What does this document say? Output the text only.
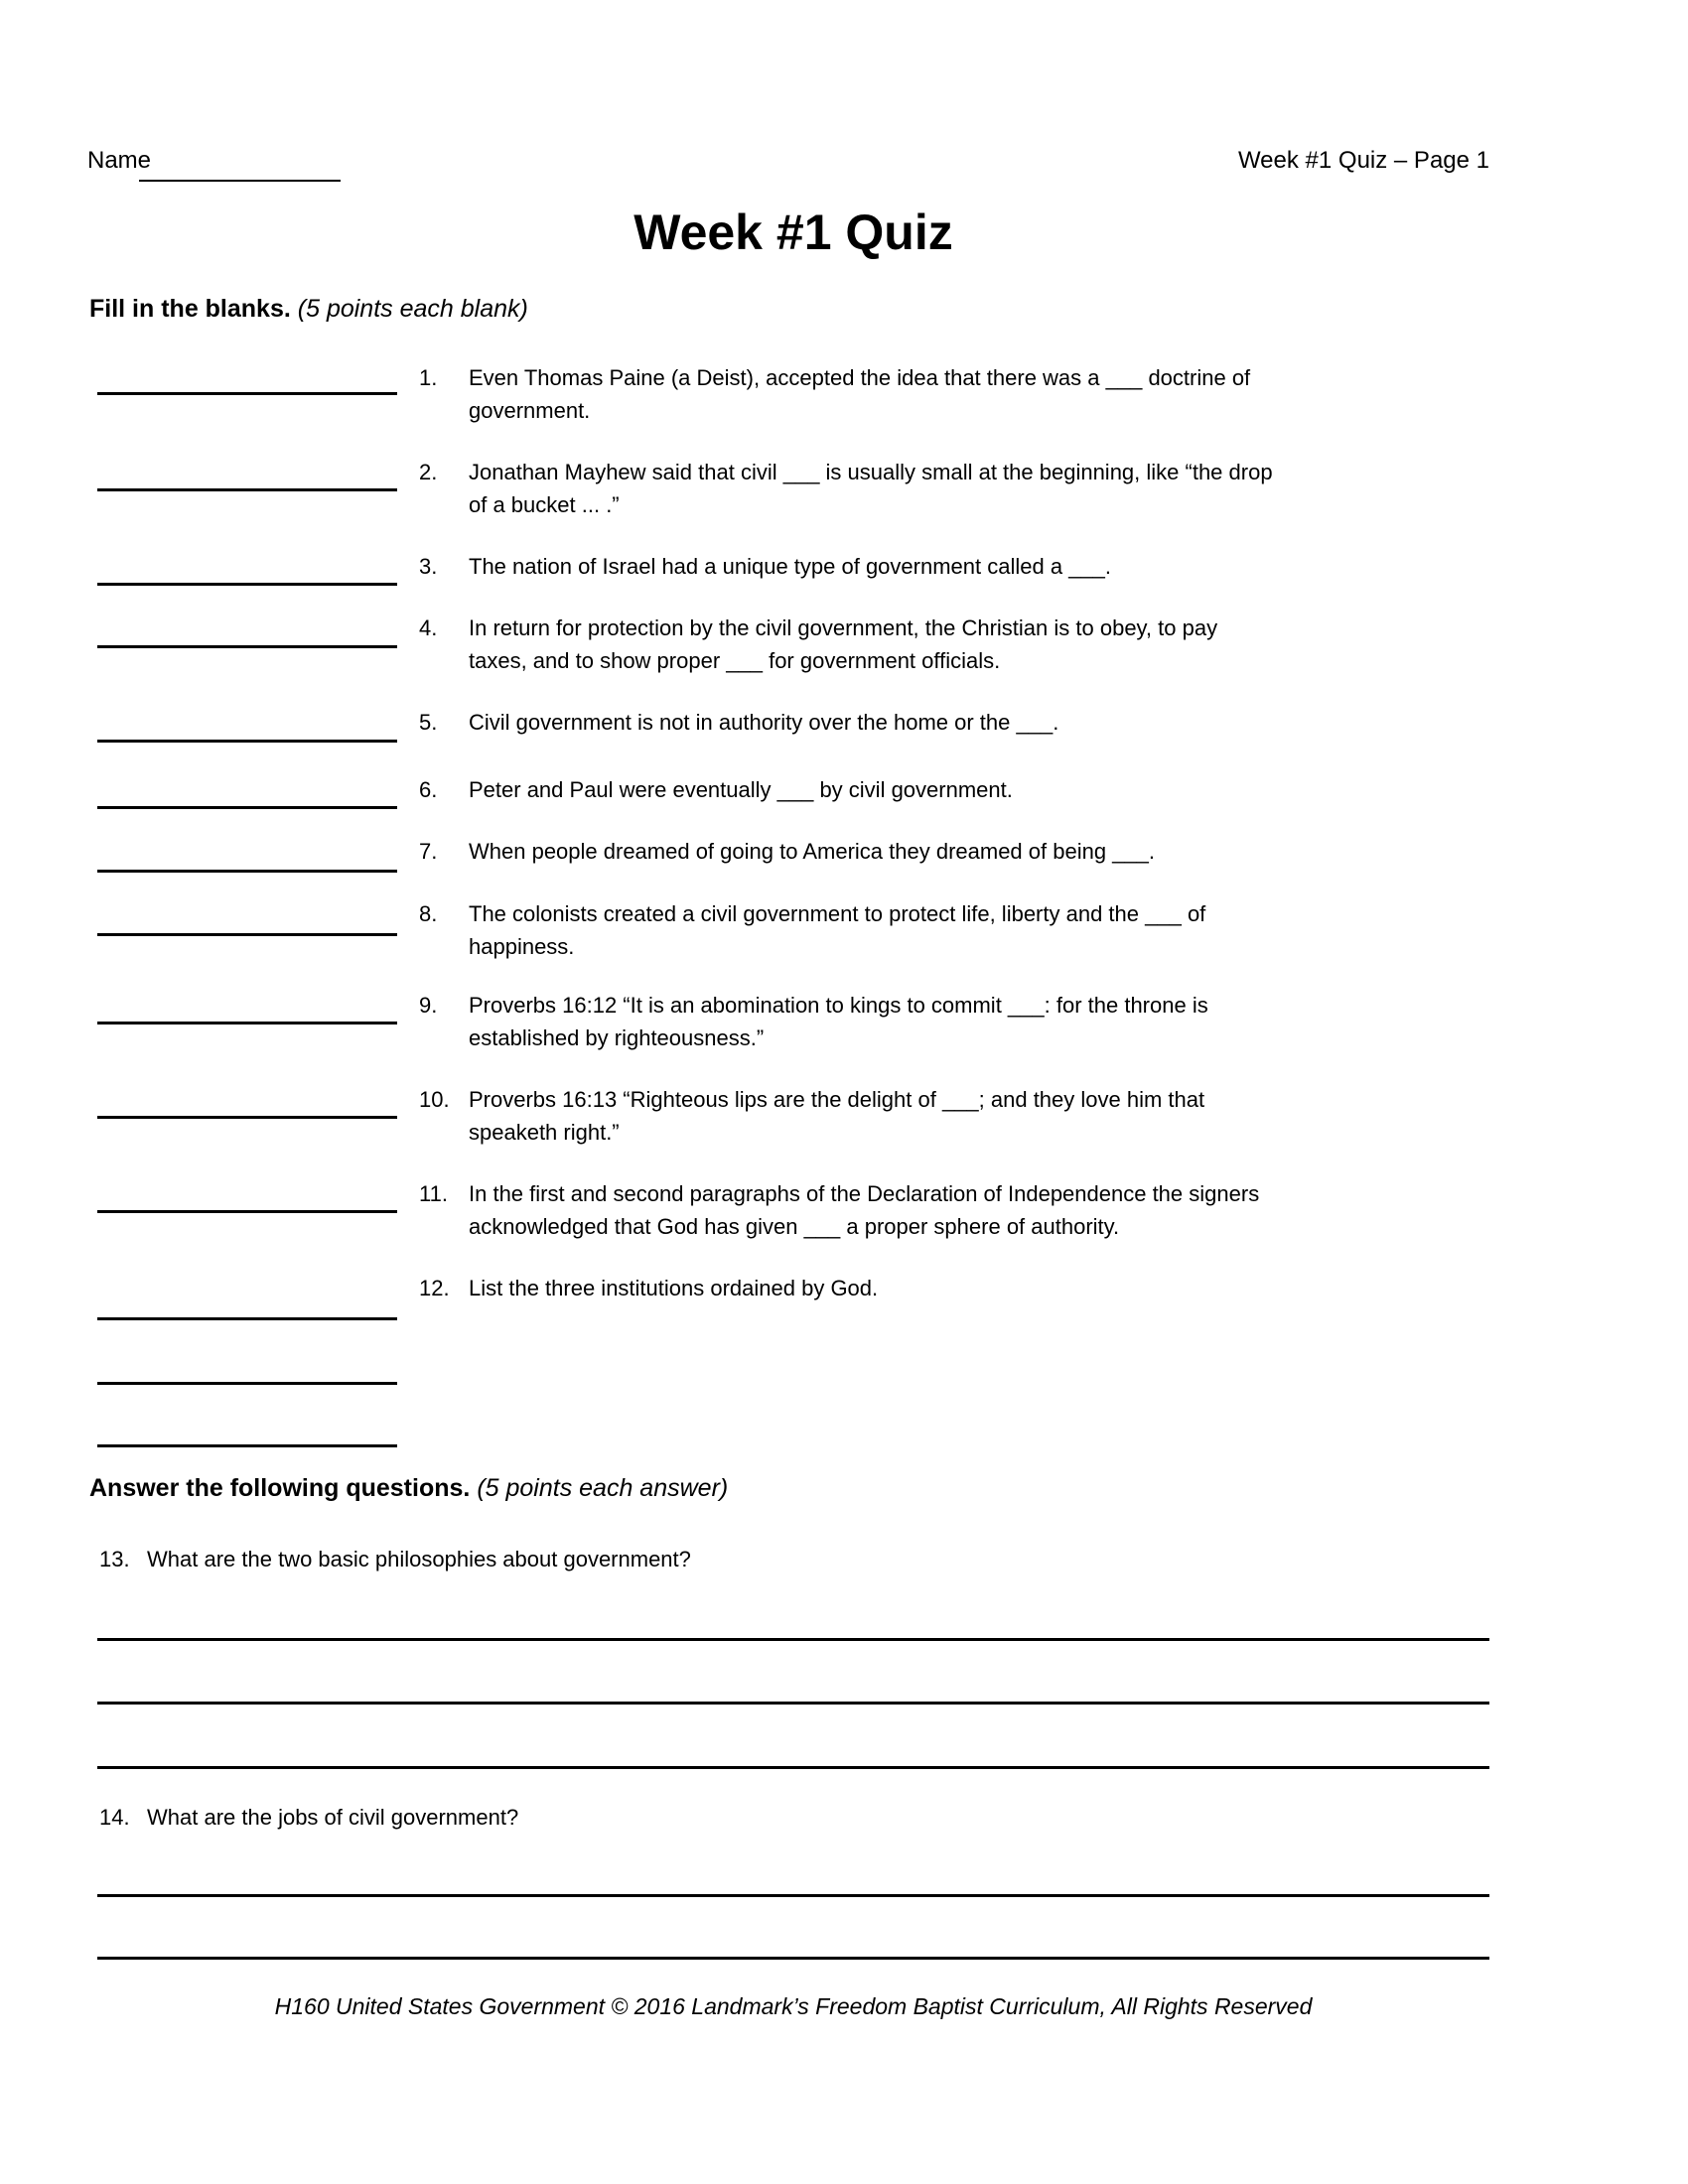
Name	Week #1 Quiz – Page 1
Week #1 Quiz
Fill in the blanks. (5 points each blank)
1.	Even Thomas Paine (a Deist), accepted the idea that there was a ___ doctrine of
government.
2.	Jonathan Mayhew said that civil ___ is usually small at the beginning, like “the drop
of a bucket ... .”
3.	The nation of Israel had a unique type of government called a ___.
4.	In return for protection by the civil government, the Christian is to obey, to pay
taxes, and to show proper ___ for government officials.
5.	Civil government is not in authority over the home or the ___.
6.	Peter and Paul were eventually ___ by civil government.
7.	When people dreamed of going to America they dreamed of being ___.
8.	The colonists created a civil government to protect life, liberty and the ___ of
happiness.
9.	Proverbs 16:12 “It is an abomination to kings to commit ___: for the throne is
established by righteousness.”
10. Proverbs 16:13 “Righteous lips are the delight of ___; and they love him that
speaketh right.”
11. In the first and second paragraphs of the Declaration of Independence the signers
acknowledged that God has given ___ a proper sphere of authority.
12. List the three institutions ordained by God.
Answer the following questions. (5 points each answer)
13. What are the two basic philosophies about government?
14. What are the jobs of civil government?
H160 United States Government © 2016 Landmark’s Freedom Baptist Curriculum, All Rights Reserved
